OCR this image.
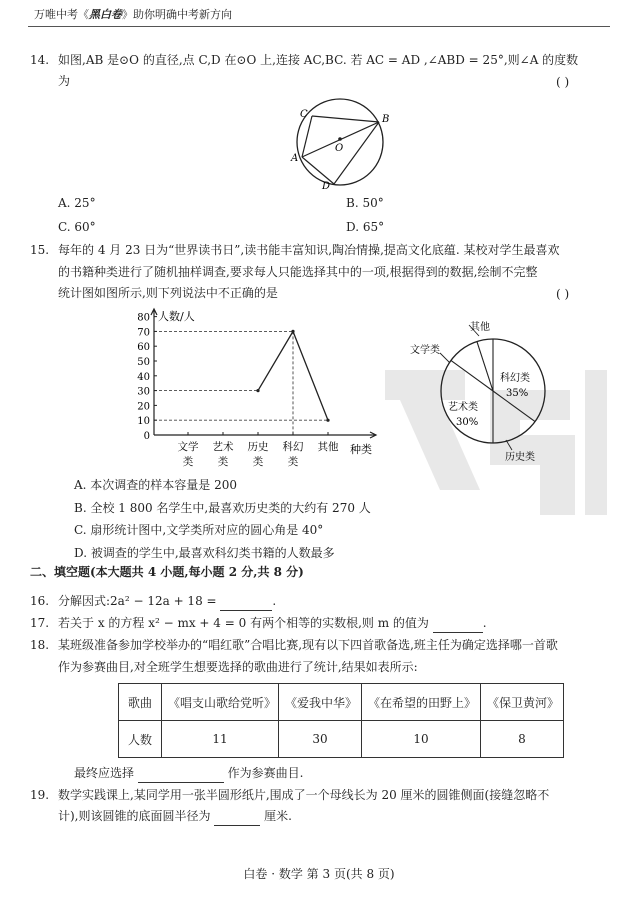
万唯中考《黑白卷》助你明确中考新方向
14. 如图,AB 是⊙O 的直径,点 C,D 在⊙O 上,连接 AC,BC. 若 AC = AD ,∠ABD = 25°,则∠A 的度数
为	( )
C	B
O
A
D
A. 25°	B. 50°
C. 60°	D. 65°
15. 每年的 4 月 23 日为“世界读书日”,读书能丰富知识,陶冶情操,提高文化底蕴. 某校对学生最喜欢
的书籍种类进行了随机抽样调查,要求每人只能选择其中的一项,根据得到的数据,绘制不完整
统计图如图所示,则下列说法中不正确的是	( )
0
10
20
30
40
50
60
70
80
文学
类
艺术
类
历史
类
科幻
类
其他
人数/人
种类
其他
文学类
科幻类
35%
艺术类
30%
历史类
A. 本次调查的样本容量是 200
B. 全校 1 800 名学生中,最喜欢历史类的大约有 270 人
C. 扇形统计图中,文学类所对应的圆心角是 40°
D. 被调查的学生中,最喜欢科幻类书籍的人数最多
二、填空题(本大题共 4 小题,每小题 2 分,共 8 分)
16. 分解因式:2a² − 12a + 18 =	.
17. 若关于 x 的方程 x² − mx + 4 = 0 有两个相等的实数根,则 m 的值为	.
18. 某班级准备参加学校举办的“唱红歌”合唱比赛,现有以下四首歌备选,班主任为确定选择哪一首歌
作为参赛曲目,对全班学生想要选择的歌曲进行了统计,结果如表所示:
歌曲	《唱支山歌给党听》	《爱我中华》	《在希望的田野上》	《保卫黄河》
人数	11	30	10	8
最终应选择	作为参赛曲目.
19. 数学实践课上,某同学用一张半圆形纸片,围成了一个母线长为 20 厘米的圆锥侧面(接缝忽略不
计),则该圆锥的底面圆半径为	厘米.
白卷 · 数学 第 3 页(共 8 页)
